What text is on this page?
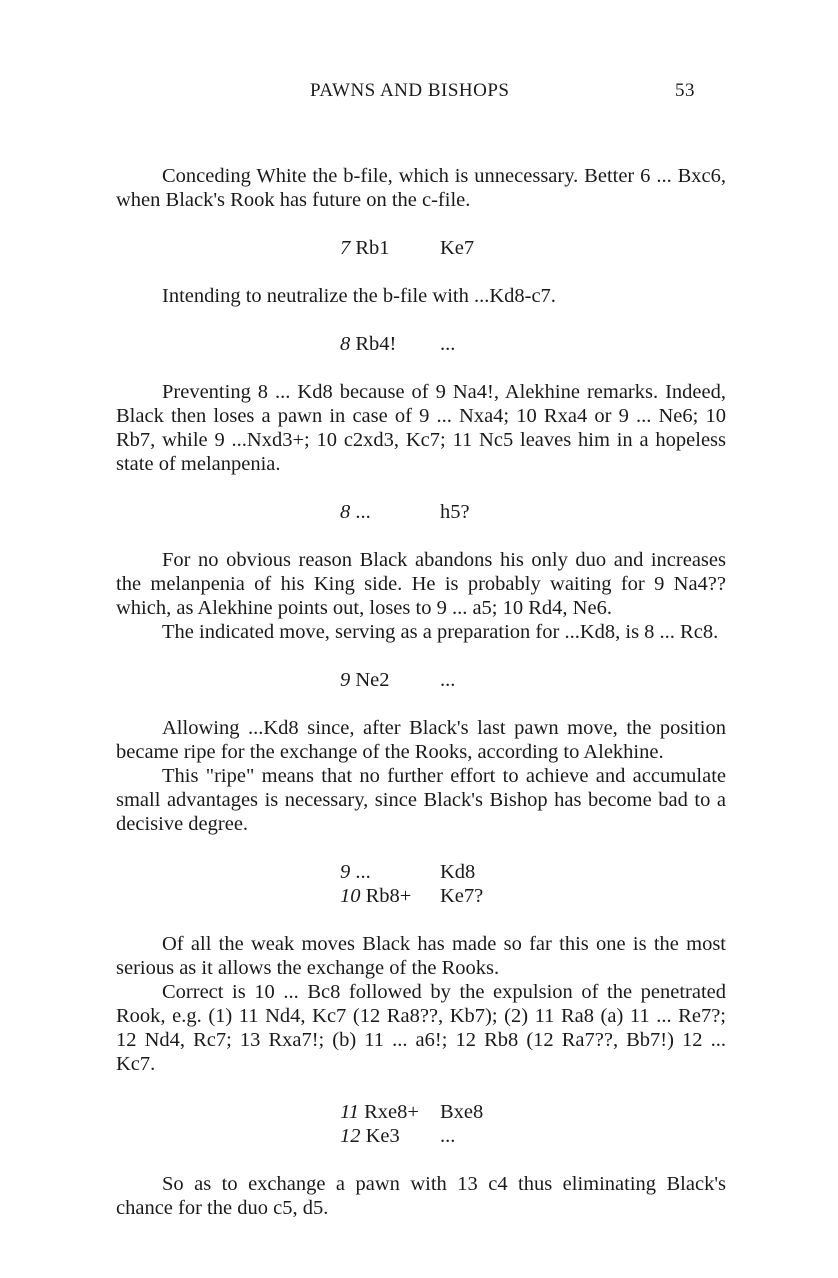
PAWNS AND BISHOPS	53

Conceding White the b-file, which is unnecessary. Better 6 ... Bxc6, when Black's Rook has future on the c-file.

7 Rb1	Ke7

Intending to neutralize the b-file with ...Kd8-c7.

8 Rb4!	...

Preventing 8 ... Kd8 because of 9 Na4!, Alekhine remarks. Indeed, Black then loses a pawn in case of 9 ... Nxa4; 10 Rxa4 or 9 ... Ne6; 10 Rb7, while 9 ...Nxd3+; 10 c2xd3, Kc7; 11 Nc5 leaves him in a hopeless state of melanpenia.

8 ...	h5?

For no obvious reason Black abandons his only duo and increases the melanpenia of his King side. He is probably waiting for 9 Na4?? which, as Alekhine points out, loses to 9 ... a5; 10 Rd4, Ne6.

The indicated move, serving as a preparation for ...Kd8, is 8 ... Rc8.

9 Ne2	...

Allowing ...Kd8 since, after Black's last pawn move, the position became ripe for the exchange of the Rooks, according to Alekhine.

This "ripe" means that no further effort to achieve and accumulate small advantages is necessary, since Black's Bishop has become bad to a decisive degree.

9 ...	Kd8
10 Rb8+	Ke7?

Of all the weak moves Black has made so far this one is the most serious as it allows the exchange of the Rooks.

Correct is 10 ... Bc8 followed by the expulsion of the penetrated Rook, e.g. (1) 11 Nd4, Kc7 (12 Ra8??, Kb7); (2) 11 Ra8 (a) 11 ... Re7?; 12 Nd4, Rc7; 13 Rxa7!; (b) 11 ... a6!; 12 Rb8 (12 Ra7??, Bb7!) 12 ... Kc7.

11 Rxe8+	Bxe8
12 Ke3	...

So as to exchange a pawn with 13 c4 thus eliminating Black's chance for the duo c5, d5.
